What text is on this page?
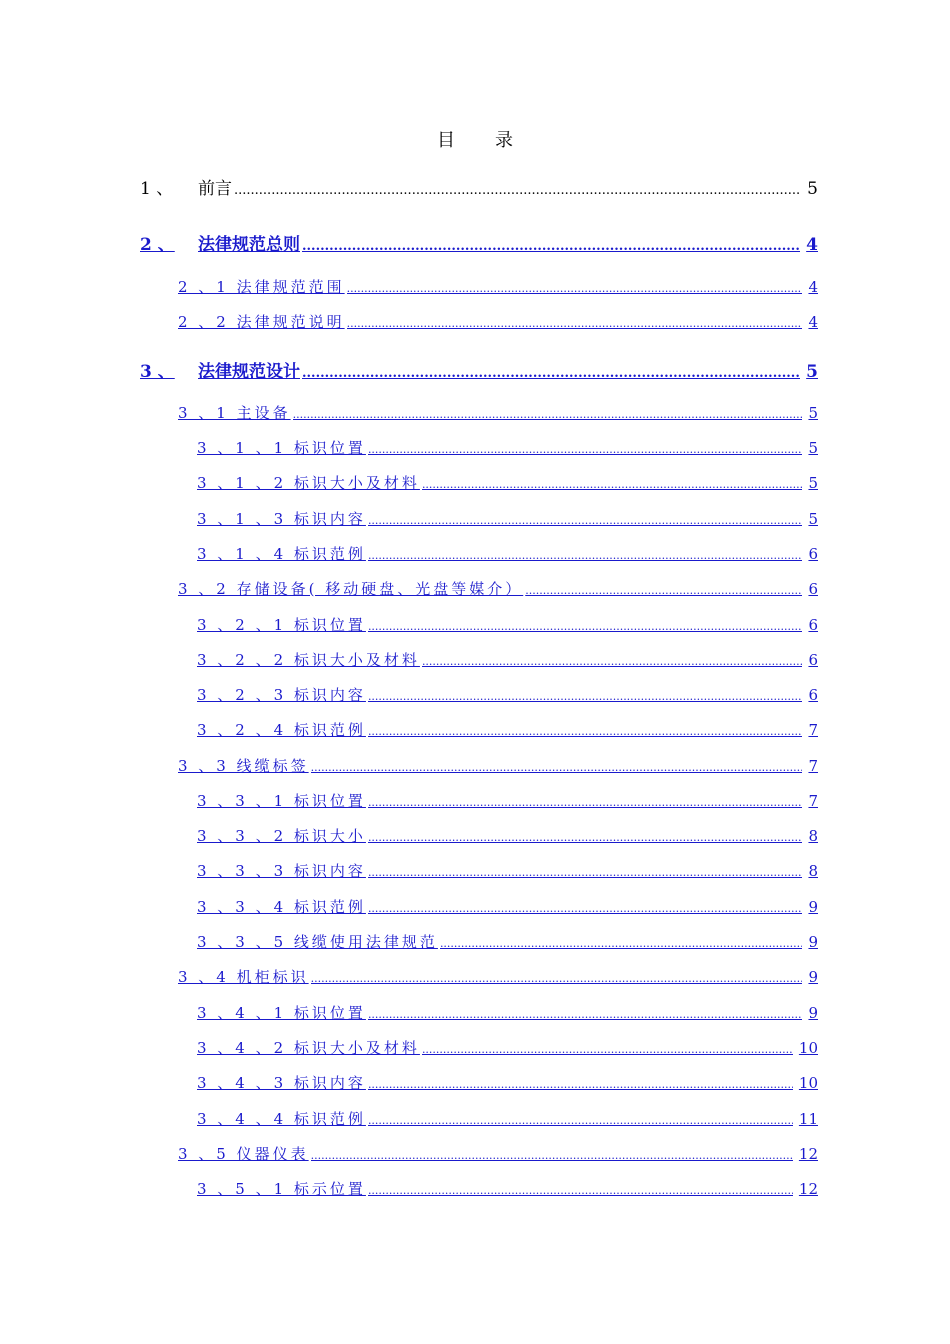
目 录
1 、	前言 .....	5
2 、	法律规范总则 .....	4
2 、1 法律规范范围 .....	4
2 、2 法律规范说明 .....	4
3 、	法律规范设计 .....	5
3 、1 主设备 .....	5
3 、1 、1 标识位置 .....	5
3 、1 、2 标识大小及材料 .....	5
3 、1 、3 标识内容 .....	5
3 、1 、4 标识范例 .....	6
3 、2 存储设备( 移动硬盘、光盘等媒介） .....	6
3 、2 、1 标识位置 .....	6
3 、2 、2 标识大小及材料 .....	6
3 、2 、3 标识内容 .....	6
3 、2 、4 标识范例 .....	7
3 、3 线缆标签 .....	7
3 、3 、1 标识位置 .....	7
3 、3 、2 标识大小 .....	8
3 、3 、3 标识内容 .....	8
3 、3 、4 标识范例 .....	9
3 、3 、5 线缆使用法律规范 .....	9
3 、4 机柜标识 .....	9
3 、4 、1 标识位置 .....	9
3 、4 、2 标识大小及材料 .....	10
3 、4 、3 标识内容 .....	10
3 、4 、4 标识范例 .....	11
3 、5 仪器仪表 .....	12
3 、5 、1 标示位置 .....	12
